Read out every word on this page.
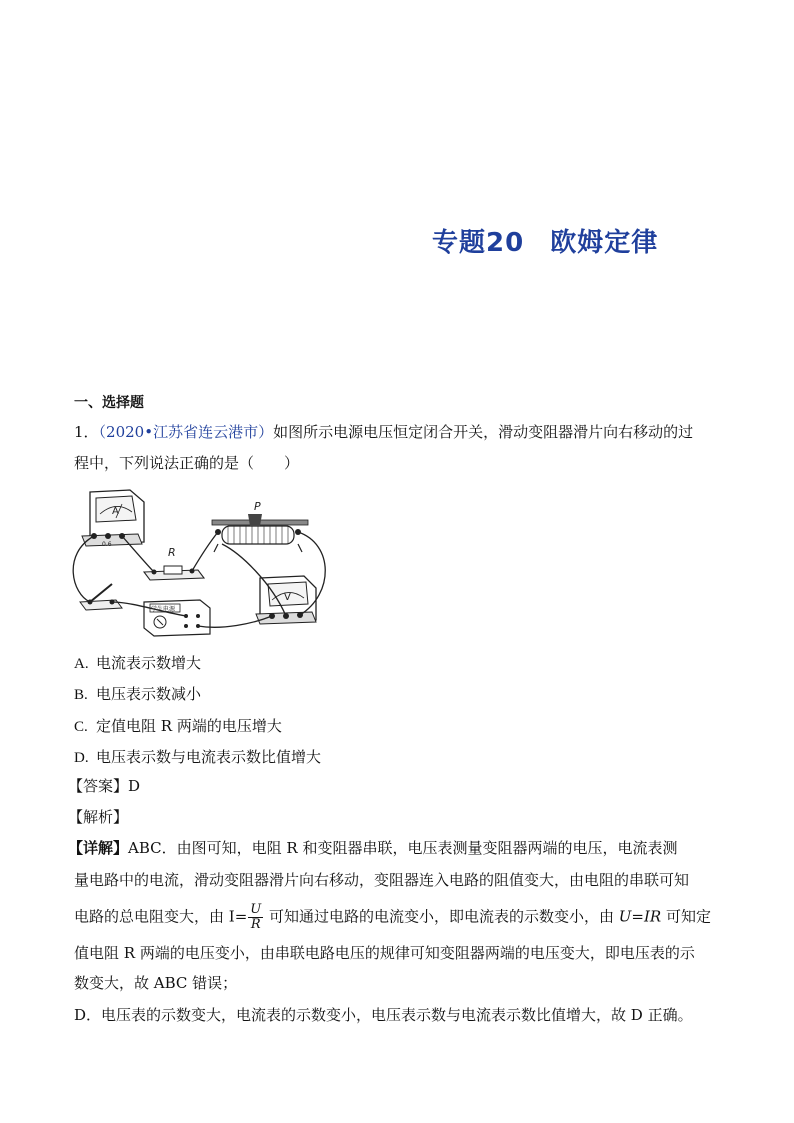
专题20 欧姆定律
一、选择题
1．（2020•江苏省连云港市）如图所示电源电压恒定闭合开关，滑动变阻器滑片向右移动的过
程中，下列说法正确的是（　　）
A
0.6
P
R
学生电源
V
A. 电流表示数增大
B. 电压表示数减小
C. 定值电阻 R 两端的电压增大
D. 电压表示数与电流表示数比值增大
【答案】D
【解析】
【详解】ABC．由图可知，电阻 R 和变阻器串联，电压表测量变阻器两端的电压，电流表测
量电路中的电流，滑动变阻器滑片向右移动，变阻器连入电路的阻值变大，由电阻的串联可知
电路的总电阻变大，由 $I= \frac{U}{R}$ 可知通过电路的电流变小，即电流表的示数变小，由 U=IR 可知定
值电阻 R 两端的电压变小，由串联电路电压的规律可知变阻器两端的电压变大，即电压表的示
数变大，故 ABC 错误；
D．电压表的示数变大，电流表的示数变小，电压表示数与电流表示数比值增大，故 D 正确。
